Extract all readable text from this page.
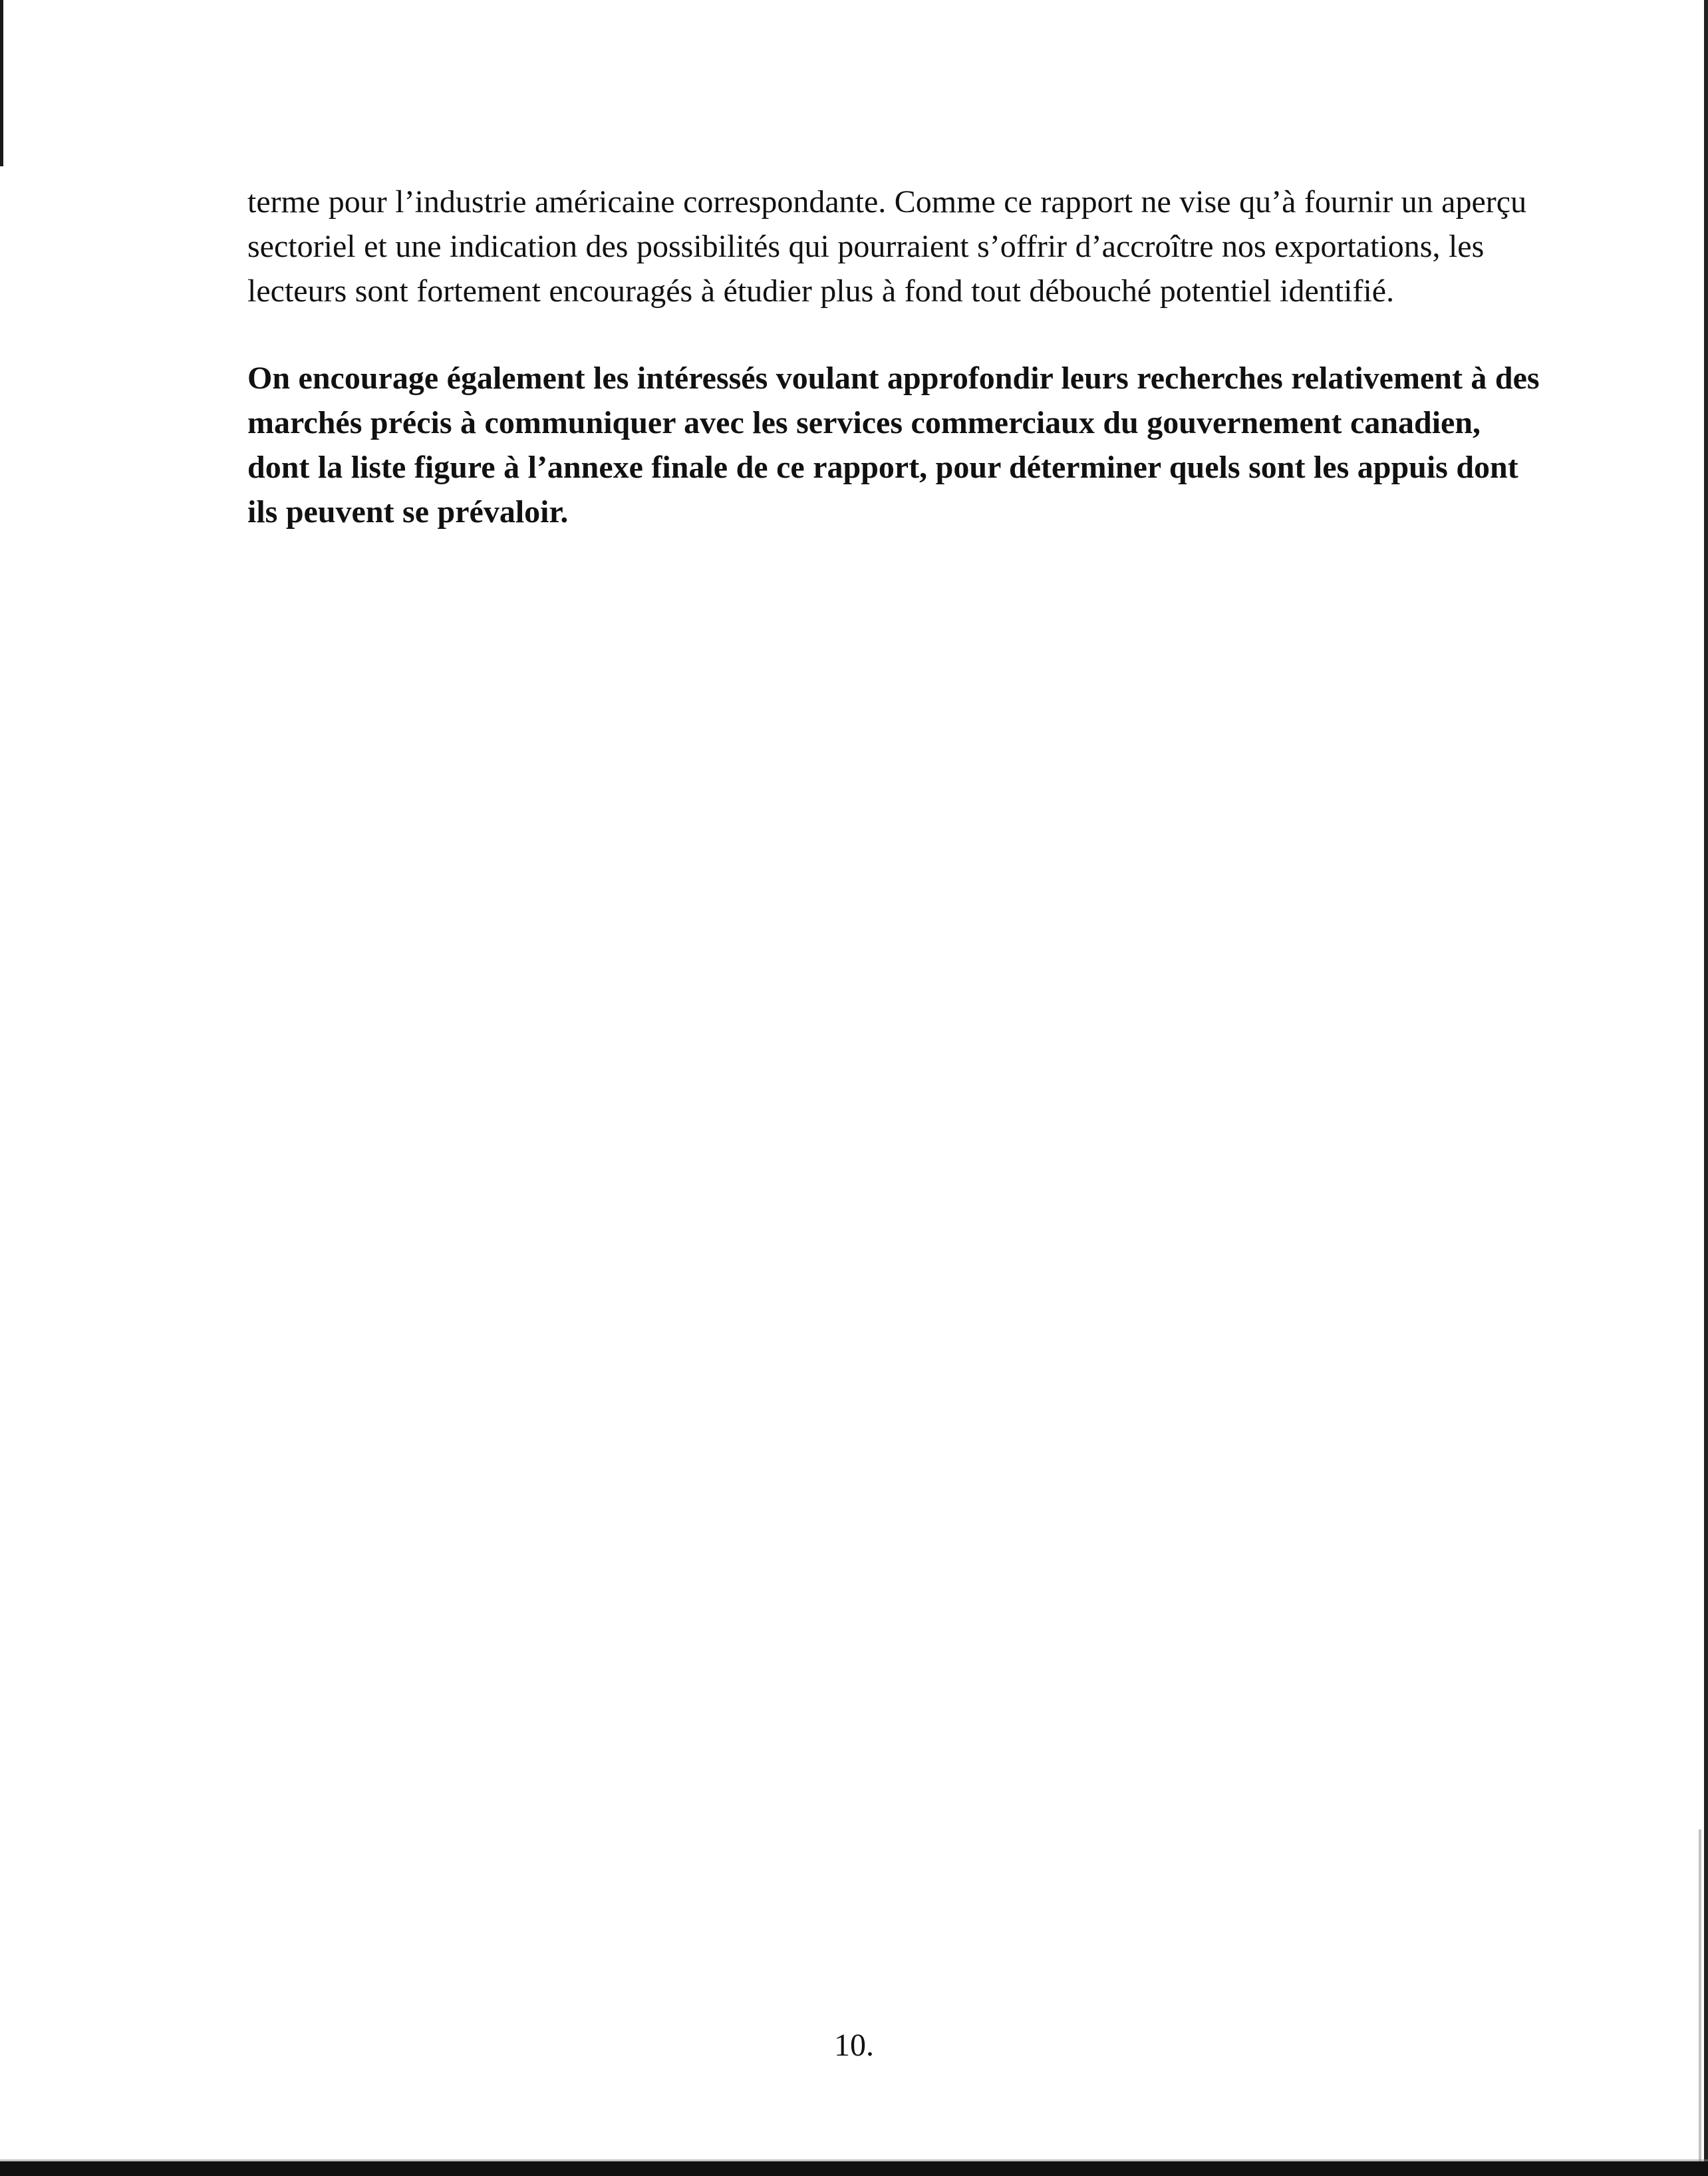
terme pour l’industrie américaine correspondante. Comme ce rapport ne vise qu’à fournir un aperçu sectoriel et une indication des possibilités qui pourraient s’offrir d’accroître nos exportations, les lecteurs sont fortement encouragés à étudier plus à fond tout débouché potentiel identifié.

On encourage également les intéressés voulant approfondir leurs recherches relativement à des marchés précis à communiquer avec les services commerciaux du gouvernement canadien, dont la liste figure à l’annexe finale de ce rapport, pour déterminer quels sont les appuis dont ils peuvent se prévaloir.

10.
